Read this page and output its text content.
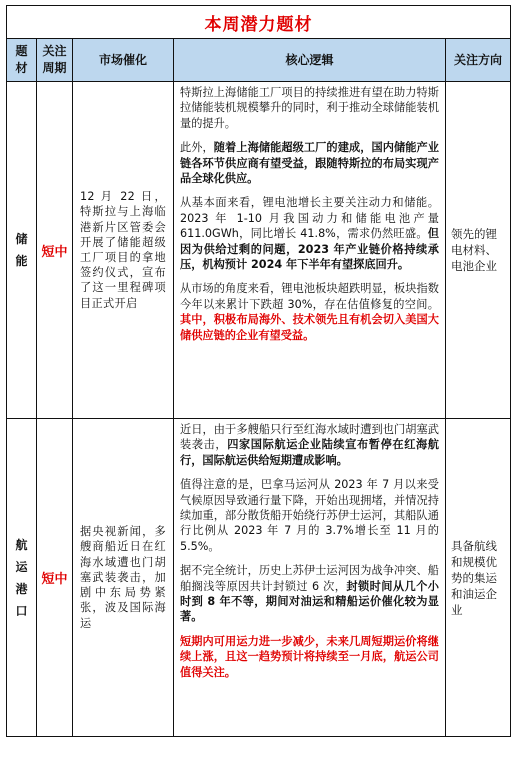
本周潜力题材				
题材	关注周期	市场催化	核心逻辑	关注方向
储能	短中	12 月 22 日，特斯拉与上海临港新片区管委会开展了储能超级工厂项目的拿地签约仪式，宣布了这一里程碑项目正式开启	特斯拉上海储能工厂项目的持续推进有望在助力特斯拉储能装机规模攀升的同时，利于推动全球储能装机量的提升。

此外，随着上海储能超级工厂的建成，国内储能产业链各环节供应商有望受益，跟随特斯拉的布局实现产品全球化供应。

从基本面来看，锂电池增长主要关注动力和储能。2023 年 1-10 月我国动力和储能电池产量 611.0GWh，同比增长 41.8%，需求仍然旺盛。但因为供给过剩的问题，2023 年产业链价格持续承压，机构预计 2024 年下半年有望探底回升。

从市场的角度来看，锂电池板块超跌明显，板块指数今年以来累计下跌超 30%，存在估值修复的空间。其中，积极布局海外、技术领先且有机会切入美国大储供应链的企业有望受益。	领先的锂电材料、电池企业
航运港口	短中	据央视新闻，多艘商船近日在红海水域遭也门胡塞武装袭击，加剧中东局势紧张，波及国际海运	近日，由于多艘船只行至红海水域时遭到也门胡塞武装袭击，四家国际航运企业陆续宣布暂停在红海航行，国际航运供给短期遭成影响。

值得注意的是，巴拿马运河从 2023 年 7 月以来受气候原因导致通行量下降，开始出现拥堵，并情况持续加重，部分散货船开始绕行苏伊士运河，其船队通行比例从 2023 年 7 月的 3.7%增长至 11 月的 5.5%。

据不完全统计，历史上苏伊士运河因为战争冲突、船舶搁浅等原因共计封锁过 6 次，封锁时间从几个小时到 8 年不等，期间对油运和精船运价催化较为显著。

短期内可用运力进一步减少，未来几周短期运价将继续上涨，且这一趋势预计将持续至一月底，航运公司值得关注。	具备航线和规模优势的集运和油运企业
